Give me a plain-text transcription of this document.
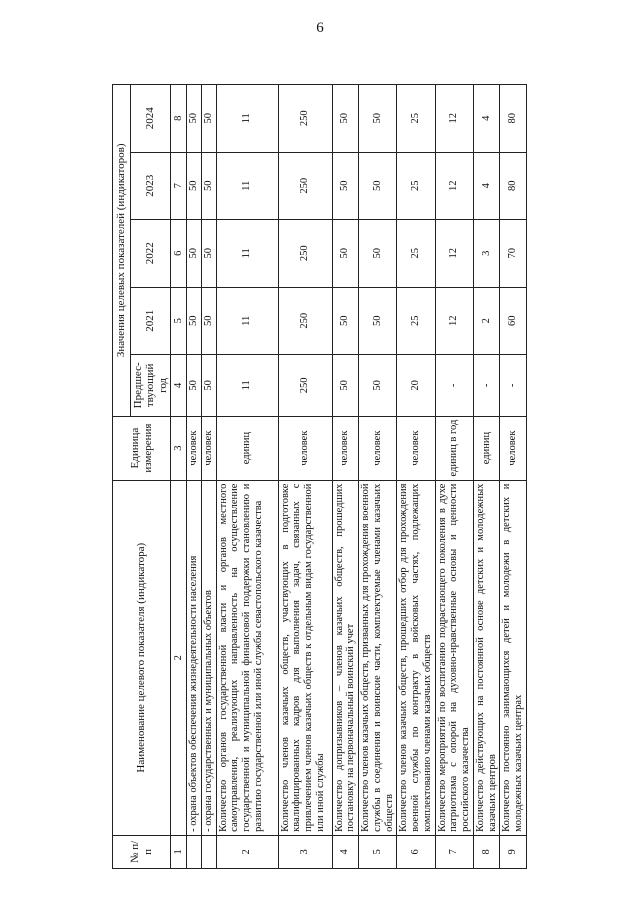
6
№ п/п	Наименование целевого показателя (индикатора)	Единица измерения	Значения целевых показателей (индикаторов)				
			Предшес-твующий год	2021	2022	2023	2024
1	2	3	4	5	6	7	8
	- охрана объектов обеспечения жизнедеятельности населения	человек	50	50	50	50	50
	- охрана государственных и муниципальных объектов	человек	50	50	50	50	50
2	Количество органов государственной власти и органов местного самоуправления, реализующих направленность на осуществление государственной и муниципальной финансовой поддержки становлению и развитию государственной или иной службы севастопольского казачества	единиц	11	11	11	11	11
3	Количество членов казачьих обществ, участвующих в подготовке квалифицированных кадров для выполнения задач, связанных с привлечением членов казачьих обществ к отдельным видам государственной или иной службы	человек	250	250	250	250	250
4	Количество допризывников – членов казачьих обществ, прошедших постановку на первоначальный воинский учет	человек	50	50	50	50	50
5	Количество членов казачьих обществ, призванных для прохождения военной службы в соединения и воинские части, комплектуемые членами казачьих обществ	человек	50	50	50	50	50
6	Количество членов казачьих обществ, прошедших отбор для прохождения военной службы по контракту в войсковых частях, подлежащих комплектованию членами казачьих обществ	человек	20	25	25	25	25
7	Количество мероприятий по воспитанию подрастающего поколения в духе патриотизма с опорой на духовно-нравственные основы и ценности российского казачества	единиц в год	-	12	12	12	12
8	Количество действующих на постоянной основе детских и молодежных казачьих центров	единиц	-	2	3	4	4
9	Количество постоянно занимающихся детей и молодежи в детских и молодежных казачьих центрах	человек	-	60	70	80	80
